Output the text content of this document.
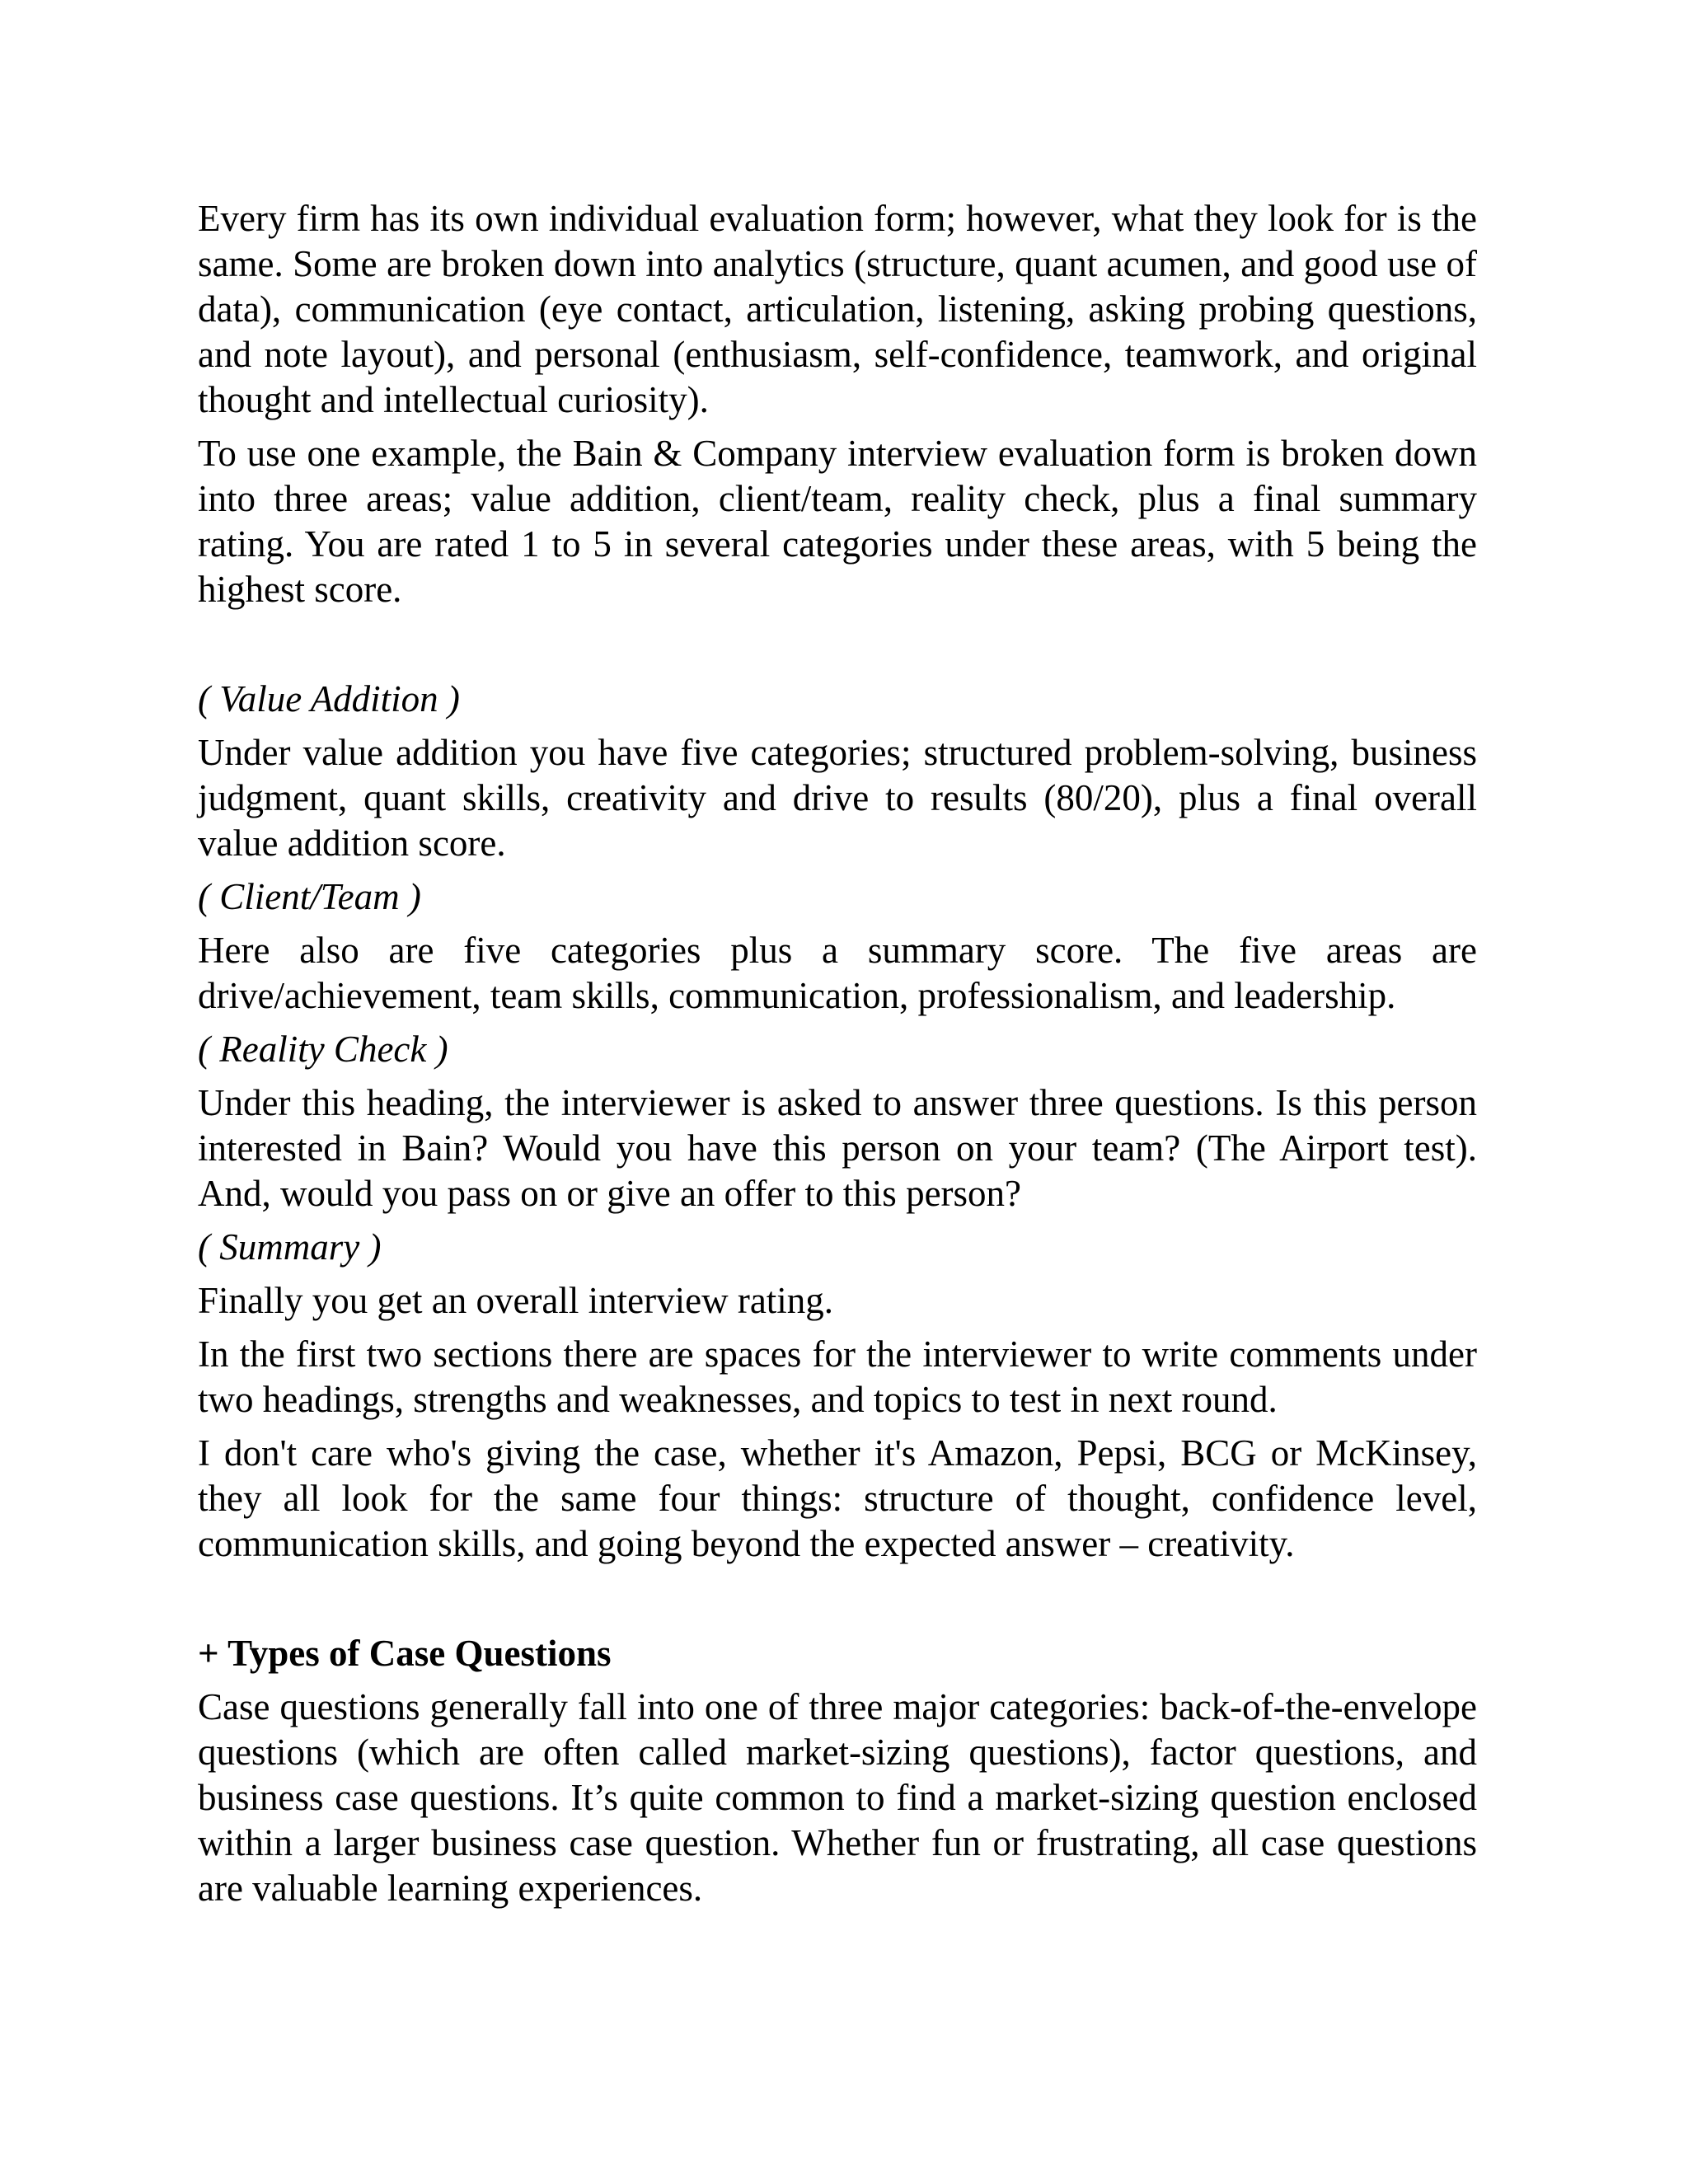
Every firm has its own individual evaluation form; however, what they look for is the same. Some are broken down into analytics (structure, quant acumen, and good use of data), communication (eye contact, articulation, listening, asking probing questions, and note layout), and personal (enthusiasm, self-confidence, teamwork, and original thought and intellectual curiosity).

To use one example, the Bain & Company interview evaluation form is broken down into three areas; value addition, client/team, reality check, plus a final summary rating. You are rated 1 to 5 in several categories under these areas, with 5 being the highest score.

( Value Addition )

Under value addition you have five categories; structured problem-solving, business judgment, quant skills, creativity and drive to results (80/20), plus a final overall value addition score.

( Client/Team )

Here also are five categories plus a summary score. The five areas are drive/achievement, team skills, communication, professionalism, and leadership.

( Reality Check )

Under this heading, the interviewer is asked to answer three questions. Is this person interested in Bain? Would you have this person on your team? (The Airport test). And, would you pass on or give an offer to this person?

( Summary )

Finally you get an overall interview rating.

In the first two sections there are spaces for the interviewer to write comments under two headings, strengths and weaknesses, and topics to test in next round.

I don't care who's giving the case, whether it's Amazon, Pepsi, BCG or McKinsey, they all look for the same four things: structure of thought, confidence level, communication skills, and going beyond the expected answer – creativity.

+ Types of Case Questions

Case questions generally fall into one of three major categories: back-of-the-envelope questions (which are often called market-sizing questions), factor questions, and business case questions. It’s quite common to find a market-sizing question enclosed within a larger business case question. Whether fun or frustrating, all case questions are valuable learning experiences.
